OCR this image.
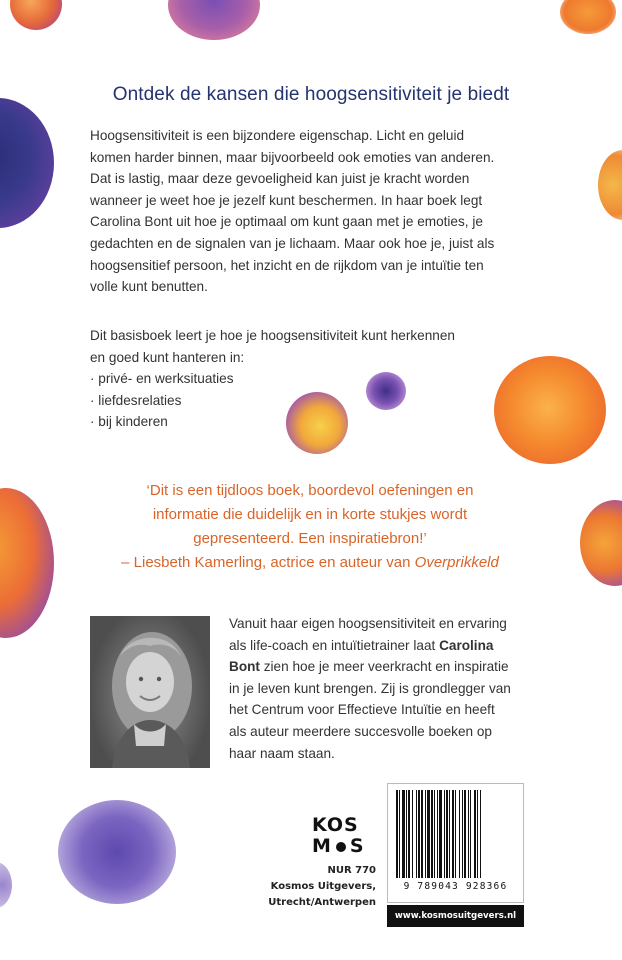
Ontdek de kansen die hoogsensitiviteit je biedt
Hoogsensitiviteit is een bijzondere eigenschap. Licht en geluid
komen harder binnen, maar bijvoorbeeld ook emoties van anderen.
Dat is lastig, maar deze gevoeligheid kan juist je kracht worden
wanneer je weet hoe je jezelf kunt beschermen. In haar boek legt
Carolina Bont uit hoe je optimaal om kunt gaan met je emoties, je
gedachten en de signalen van je lichaam. Maar ook hoe je, juist als
hoogsensitief persoon, het inzicht en de rijkdom van je intuïtie ten
volle kunt benutten.
Dit basisboek leert je hoe je hoogsensitiviteit kunt herkennen
en goed kunt hanteren in:
· privé- en werksituaties
· liefdesrelaties
· bij kinderen
‘Dit is een tijdloos boek, boordevol oefeningen en
informatie die duidelijk en in korte stukjes wordt
gepresenteerd. Een inspiratiebron!’
– Liesbeth Kamerling, actrice en auteur van Overprikkeld
Vanuit haar eigen hoogsensitiviteit en ervaring
als life-coach en intuïtietrainer laat Carolina
Bont zien hoe je meer veerkracht en inspiratie
in je leven kunt brengen. Zij is grondlegger van
het Centrum voor Effectieve Intuïtie en heeft
als auteur meerdere succesvolle boeken op
haar naam staan.
KOS
M S
NUR 770
Kosmos Uitgevers,
Utrecht/Antwerpen
9 789043 928366
www.kosmosuitgevers.nl
